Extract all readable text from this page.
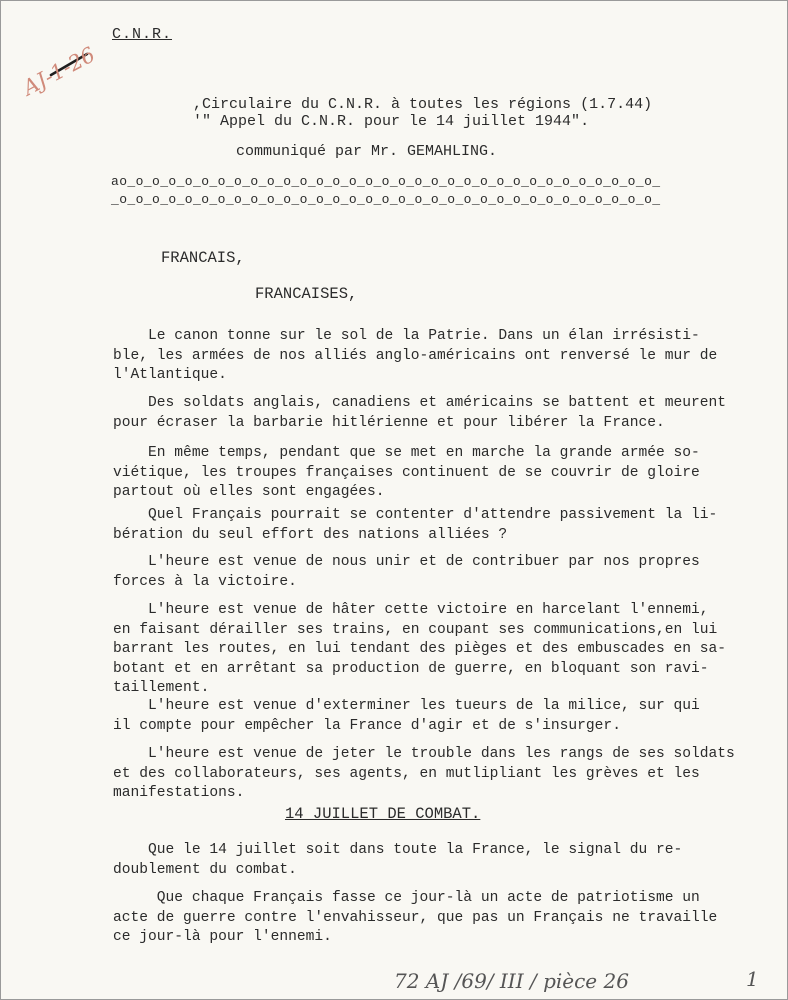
AJ-1-26
C.N.R.
,Circulaire du C.N.R. à toutes les régions (1.7.44)
'" Appel du C.N.R. pour le 14 juillet 1944".
communiqué par Mr. GEMAHLING.
ao_o_o_o_o_o_o_o_o_o_o_o_o_o_o_o_o_o_o_o_o_o_o_o_o_o_o_o_o_o_o_o_o_
_o_o_o_o_o_o_o_o_o_o_o_o_o_o_o_o_o_o_o_o_o_o_o_o_o_o_o_o_o_o_o_o_o_
FRANCAIS,
FRANCAISES,
Le canon tonne sur le sol de la Patrie. Dans un élan irrésisti-
ble, les armées de nos alliés anglo-américains ont renversé le mur de
l'Atlantique.
Des soldats anglais, canadiens et américains se battent et meurent
pour écraser la barbarie hitlérienne et pour libérer la France.
En même temps, pendant que se met en marche la grande armée so-
viétique, les troupes françaises continuent de se couvrir de gloire
partout où elles sont engagées.
Quel Français pourrait se contenter d'attendre passivement la li-
bération du seul effort des nations alliées ?
L'heure est venue de nous unir et de contribuer par nos propres
forces à la victoire.
L'heure est venue de hâter cette victoire en harcelant l'ennemi,
en faisant dérailler ses trains, en coupant ses communications,en lui
barrant les routes, en lui tendant des pièges et des embuscades en sa-
botant et en arrêtant sa production de guerre, en bloquant son ravi-
taillement.
L'heure est venue d'exterminer les tueurs de la milice, sur qui
il compte pour empêcher la France d'agir et de s'insurger.
L'heure est venue de jeter le trouble dans les rangs de ses soldats
et des collaborateurs, ses agents, en mutlipliant les grèves et les
manifestations.
14 JUILLET DE COMBAT.
Que le 14 juillet soit dans toute la France, le signal du re-
doublement du combat.
Que chaque Français fasse ce jour-là un acte de patriotisme un
acte de guerre contre l'envahisseur, que pas un Français ne travaille
ce jour-là pour l'ennemi.
72 AJ /69/ III / pièce 26	1
